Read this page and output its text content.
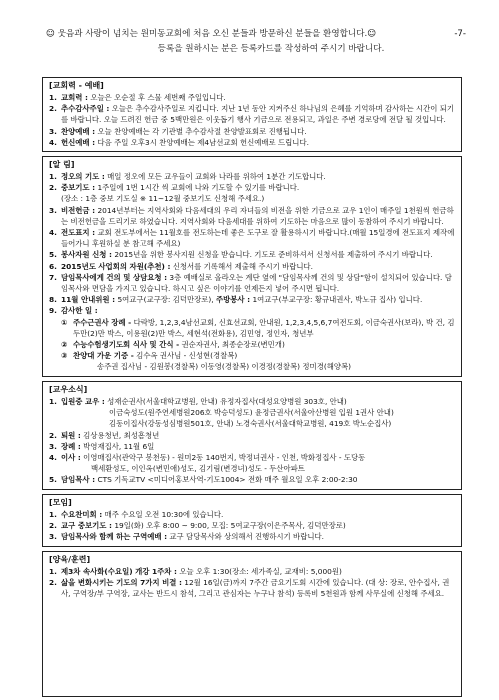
☺ 웃음과 사랑이 넘치는 원미동교회에 처음 오신 분들과 방문하신 분들을 환영합니다.☺	-7-
등록을 원하시는 분은 등록카드를 작성하여 주시기 바랍니다.
[교회력 - 예배]
1. 교회력 : 오늘은 오순절 후 스물 세번째 주일입니다.
2. 추수감사주일 : 오늘은 추수감사주일로 지킵니다. 지난 1년 동안 지켜주신 하나님의 은혜를 기억하며 감사하는 시간이 되기를 바랍니다. 오늘 드려진 헌금 중 5백만원은 이웃돕기 행사 기금으로 전용되고, 과일은 주변 경로당에 전달 될 것입니다.
3. 찬양예배 : 오늘 찬양예배는 각 기관별 추수감사절 찬양발표회로 진행됩니다.
4. 헌신예배 : 다음 주일 오후3시 찬양예배는 제4남선교회 헌신예배로 드립니다.
[알 림]
1. 정오의 기도 : 매일 정오에 모든 교우들이 교회와 나라를 위하여 1분간 기도합니다.
2. 중보기도 : 1주일에 1번 1시간 씩 교회에 나와 기도할 수 있기를 바랍니다.
(장소 : 1층 중보 기도실 ※ 11~12월 중보기도 신청해 주세요.)
3. 비전헌금 : 2014년부터는 지역사회와 다음세대의 우리 자녀들의 비전을 위한 기금으로 교우 1인이 매주일 1천원씩 헌금하는 비전헌금을 드리기로 하였습니다. 지역사회와 다음세대를 위하여 기도하는 마음으로 많이 동참하여 주시기 바랍니다.
4. 전도표지 : 교회 전도부에서는 11월호를 전도하는데 좋은 도구로 잘 활용하시기 바랍니다.(매월 15일경에 전도표지 제작에 들어가니 후원하실 분 참고해 주세요)
5. 봉사자원 신청 : 2015년을 위한 봉사지원 신청을 받습니다. 기도로 준비하셔서 신청서를 제출하여 주시기 바랍니다.
6. 2015년도 사업회의 자원(추천) : 신청서를 기록해서 제출해 주시기 바랍니다.
7. 담임목사에게 건의 및 상담요청 : 3층 예배실로 올라오는 계단 옆에 "담임목사께 건의 및 상담"함이 설치되어 있습니다. 담임목사와 면담을 가지고 있습니다. 하시고 싶은 이야기를 언제든지 넣어 주시면 됩니다.
8. 11월 안내위원 : 5여교구(교구장: 김덕만장로), 주방봉사 : 1여교구(부교구장: 황규내권사, 박노규 집사) 입니다.
9. 감사한 일 :
① 주수근권사 장례 - 다락방, 1,2,3,4남선교회, 신효선교회, 안내원, 1,2,3,4,5,6,7여전도회, 이금숙권사(보라), 박 건, 김두만(2)만 박스, 이용원(2)만 박스, 세현석(전화용), 김민영, 정인자, 청년부
② 수능수험생기도회 식사 및 간식 - 권순자권사, 최종순장로(변민개)
③ 찬양대 가운 기증 - 김수옥 권사님 - 신성현(경찰복)
송주권 집사님 - 김원봉(경찰복) 이동영(경찰복) 이경정(경찰복) 정미경(해양복)
[교우소식]
1. 입원중 교우 : 성재순권사(서울대학교병원, 안내) 유정자집사(대성요양병원 303호, 안내)
이금숙성도(원주연세병원206호 박승덕성도) 윤정금권사(서울아산병원 입원 1권사 안내)
김동이집사(강동성심병원501호, 안내) 노경숙권사(서울대학교병원, 419호 박노순집사)
2. 퇴원 : 김상용청년, 최성흠청년
3. 장례 : 박영재집사, 11월 6일
4. 이사 : 이영매집사(관악구 봉천동) - 원미2동 140번지, 박정녀권사 - 인천, 박화정집사 - 도당동
백세환성도, 이인옥(변민애)성도, 김기림(변경녀)성도 - 두산아파트
5. 담임목사 : CTS 기독교TV <미디어홍보사역-기도1004> 전화 매주 월요일 오후 2:00-2:30
[모임]
1. 수요찬미회 : 매주 수요일 오전 10:30에 있습니다.
2. 교구 중보기도 : 19일(화) 오후 8:00 ~ 9:00, 모집: 5여교구장(이은주목사, 김덕만장로)
3. 담임목사와 함께 하는 구역예배 : 교구 담당목사와 상의해서 진행하시기 바랍니다.
[양육/훈련]
1. 제3차 속사화(수요일) 개강 1주차 : 오늘 오후 1:30(장소: 세가족실, 교재비: 5,000원)
2. 삶을 변화시키는 기도의 7가지 비결 : 12월 16일(금)까지 7주간 금요기도회 시간에 있습니다. (대 상: 장로, 안수집사, 권사, 구역장/부 구역장, 교사는 반드시 참석, 그리고 관심자는 누구나 참석) 등록비 5천원과 함께 사무실에 신청해 주세요.
